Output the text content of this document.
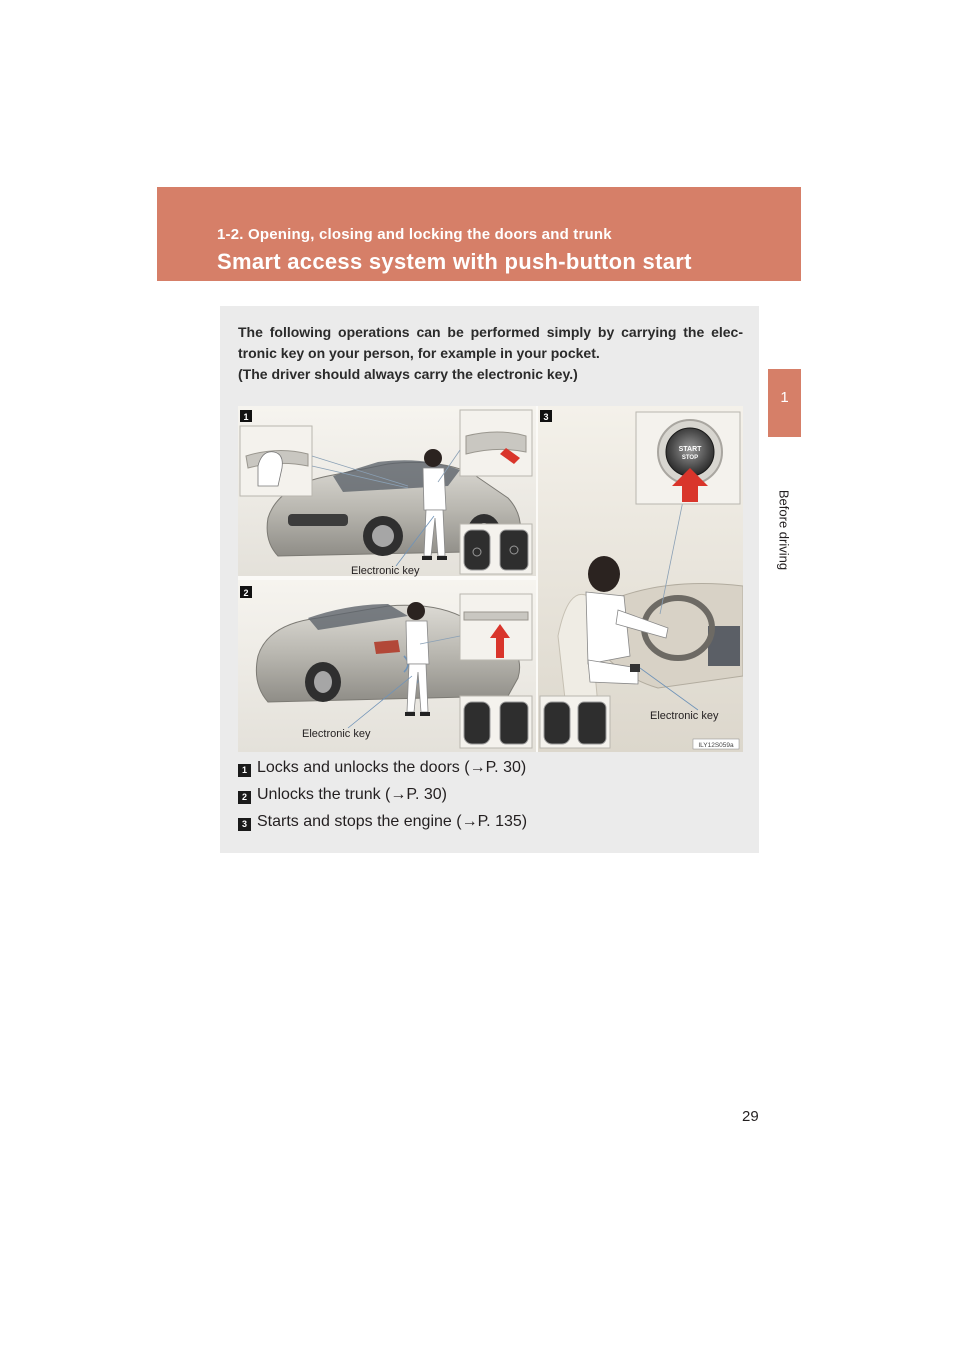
1-2. Opening, closing and locking the doors and trunk
Smart access system with push-button start
1
Before driving

The following operations can be performed simply by carrying the elec-

tronic key on your person, for example in your pocket.

(The driver should always carry the electronic key.)

Electronic key
1
Electronic key
2
START
STOP
Electronic key
ILY12S059a
3
1 Locks and unlocks the doors (→P. 30)
2 Unlocks the trunk (→P. 30)
3 Starts and stops the engine (→P. 135)
29
